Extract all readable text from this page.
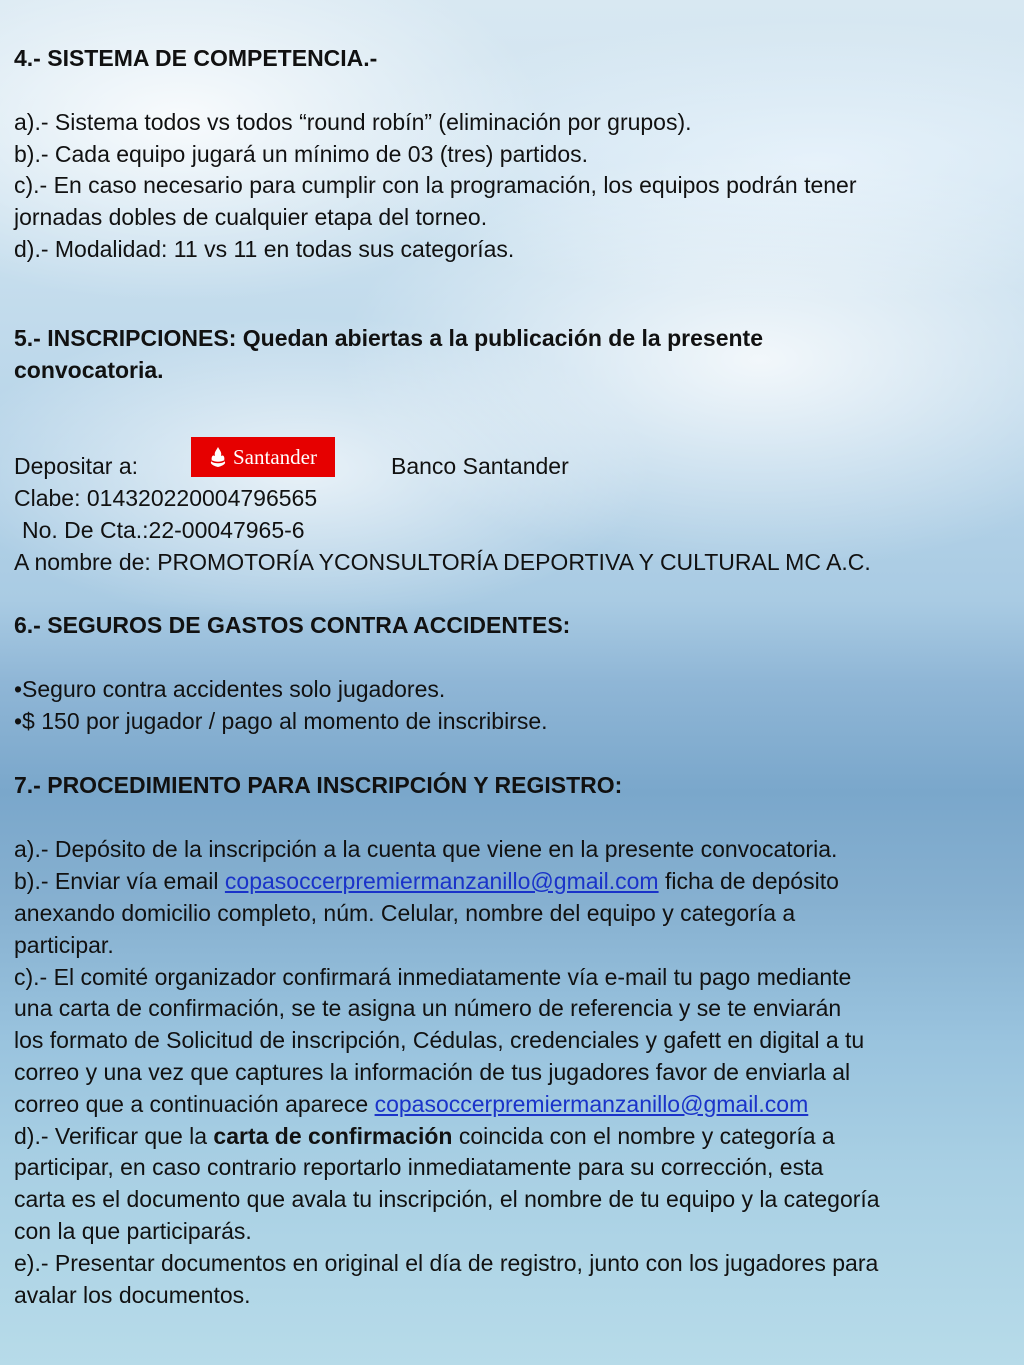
4.- SISTEMA DE COMPETENCIA.-
a).- Sistema todos vs todos “round robín” (eliminación por grupos).
b).- Cada equipo jugará un mínimo de 03 (tres) partidos.
c).- En caso necesario para cumplir con la programación, los equipos podrán tener
jornadas dobles de cualquier etapa del torneo.
d).- Modalidad: 11 vs 11 en todas sus categorías.
5.- INSCRIPCIONES: Quedan abiertas a la publicación de la presente
convocatoria.
Depositar a:	Banco Santander
Clabe: 014320220004796565
No. De Cta.:22-00047965-6
A nombre de: PROMOTORÍA YCONSULTORÍA DEPORTIVA Y CULTURAL MC A.C.
6.- SEGUROS DE GASTOS CONTRA ACCIDENTES:
•Seguro contra accidentes solo jugadores.
•$ 150 por jugador / pago al momento de inscribirse.
7.- PROCEDIMIENTO PARA INSCRIPCIÓN Y REGISTRO:
a).- Depósito de la inscripción a la cuenta que viene en la presente convocatoria.
b).- Enviar vía email copasoccerpremiermanzanillo@gmail.com ficha de depósito
anexando domicilio completo, núm. Celular, nombre del equipo y categoría a
participar.
c).- El comité organizador confirmará inmediatamente vía e-mail tu pago mediante
una carta de confirmación, se te asigna un número de referencia y se te enviarán
los formato de Solicitud de inscripción, Cédulas, credenciales y gafett en digital a tu
correo y una vez que captures la información de tus jugadores favor de enviarla al
correo que a continuación aparece copasoccerpremiermanzanillo@gmail.com
d).- Verificar que la carta de confirmación coincida con el nombre y categoría a
participar, en caso contrario reportarlo inmediatamente para su corrección, esta
carta es el documento que avala tu inscripción, el nombre de tu equipo y la categoría
con la que participarás.
e).- Presentar documentos en original el día de registro, junto con los jugadores para
avalar los documentos.
Santander
